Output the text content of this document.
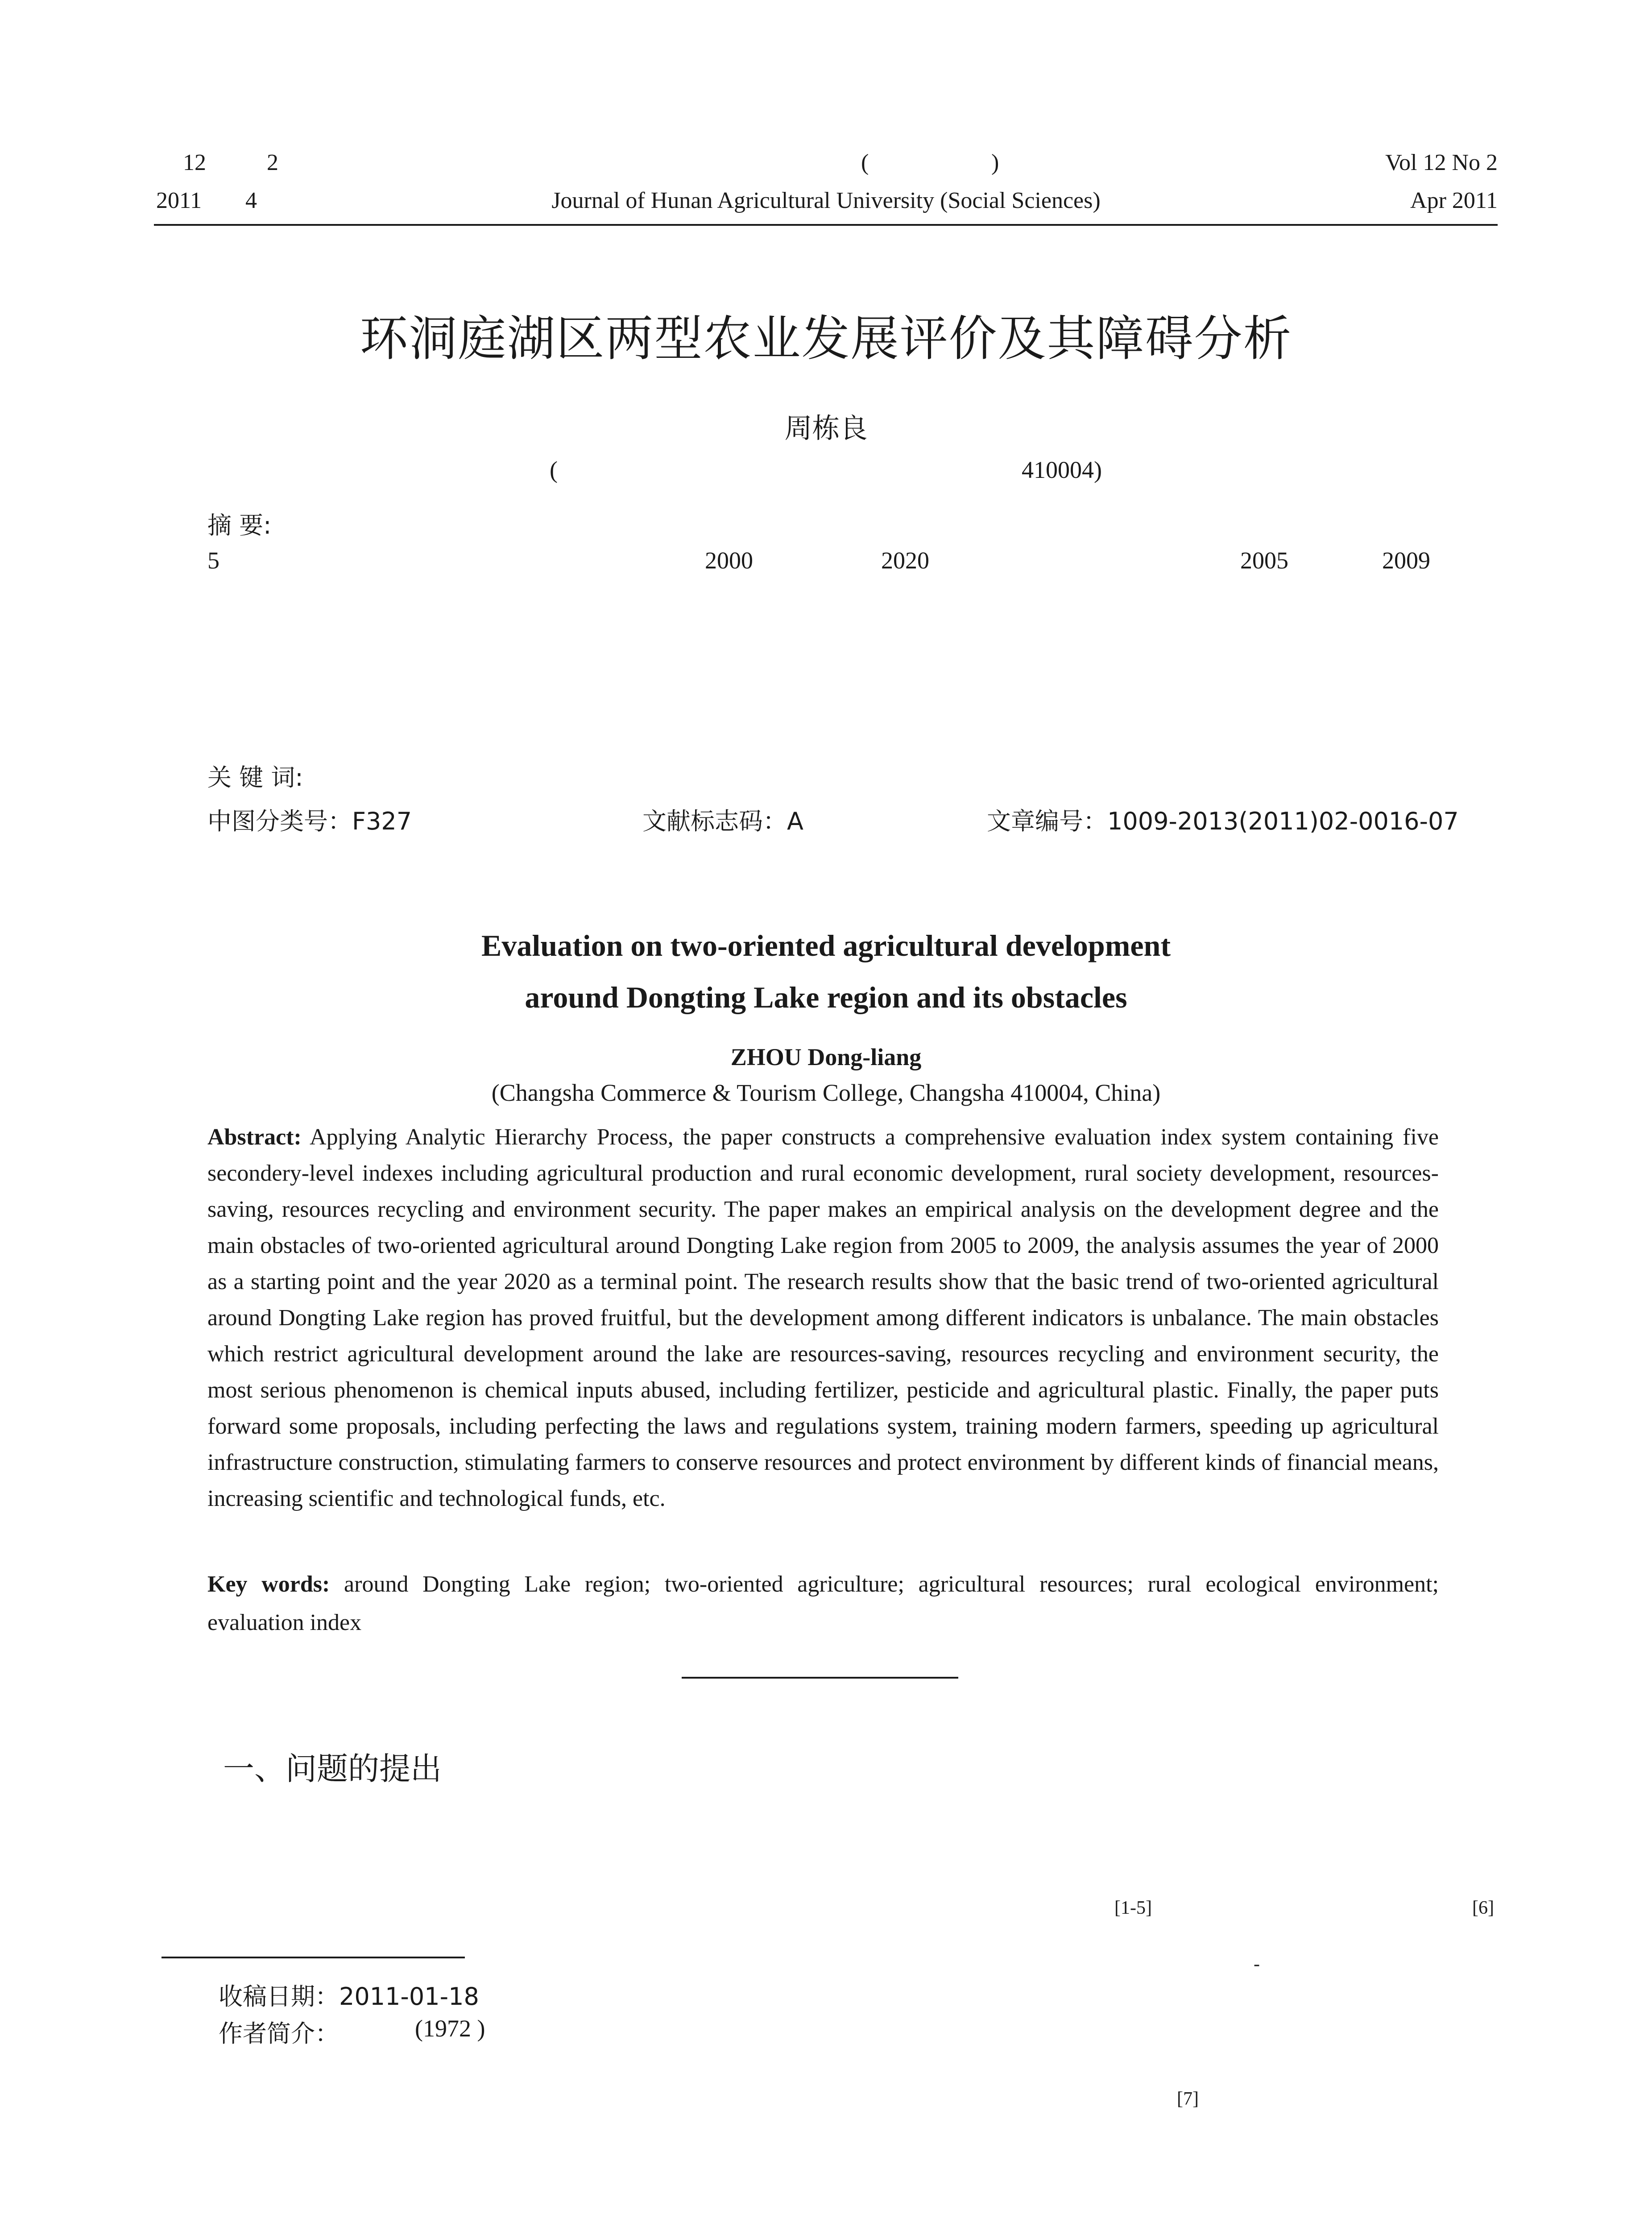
12	2	(	)	Vol 12 No 2
2011 4	Journal of Hunan Agricultural University (Social Sciences)	Apr 2011
环洞庭湖区两型农业发展评价及其障碍分析
周栋良
(	410004)
摘 要:
5	2000	2020	2005	2009
关 键 词:
中图分类号：F327	文献标志码：A	文章编号：1009-2013(2011)02-0016-07
Evaluation on two-oriented agricultural development
around Dongting Lake region and its obstacles
ZHOU Dong-liang
(Changsha Commerce & Tourism College, Changsha 410004, China)
Abstract: Applying Analytic Hierarchy Process, the paper constructs a comprehensive evaluation index system containing five secondery-level indexes including agricultural production and rural economic development, rural society development, resources-saving, resources recycling and environment security. The paper makes an empirical analysis on the development degree and the main obstacles of two-oriented agricultural around Dongting Lake region from 2005 to 2009, the analysis assumes the year of 2000 as a starting point and the year 2020 as a terminal point. The research results show that the basic trend of two-oriented agricultural around Dongting Lake region has proved fruitful, but the development among different indicators is unbalance. The main obstacles which restrict agricultural development around the lake are resources-saving, resources recycling and environment security, the most serious phenomenon is chemical inputs abused, including fertilizer, pesticide and agricultural plastic. Finally, the paper puts forward some proposals, including perfecting the laws and regulations system, training modern farmers, speeding up agricultural infrastructure construction, stimulating farmers to conserve resources and protect environment by different kinds of financial means, increasing scientific and technological funds, etc.
Key words: around Dongting Lake region; two-oriented agriculture; agricultural resources; rural ecological environment; evaluation index
一、问题的提出
[1-5]	[6]
-
[7]
收稿日期：2011-01-18
作者简介：	(1972 )
